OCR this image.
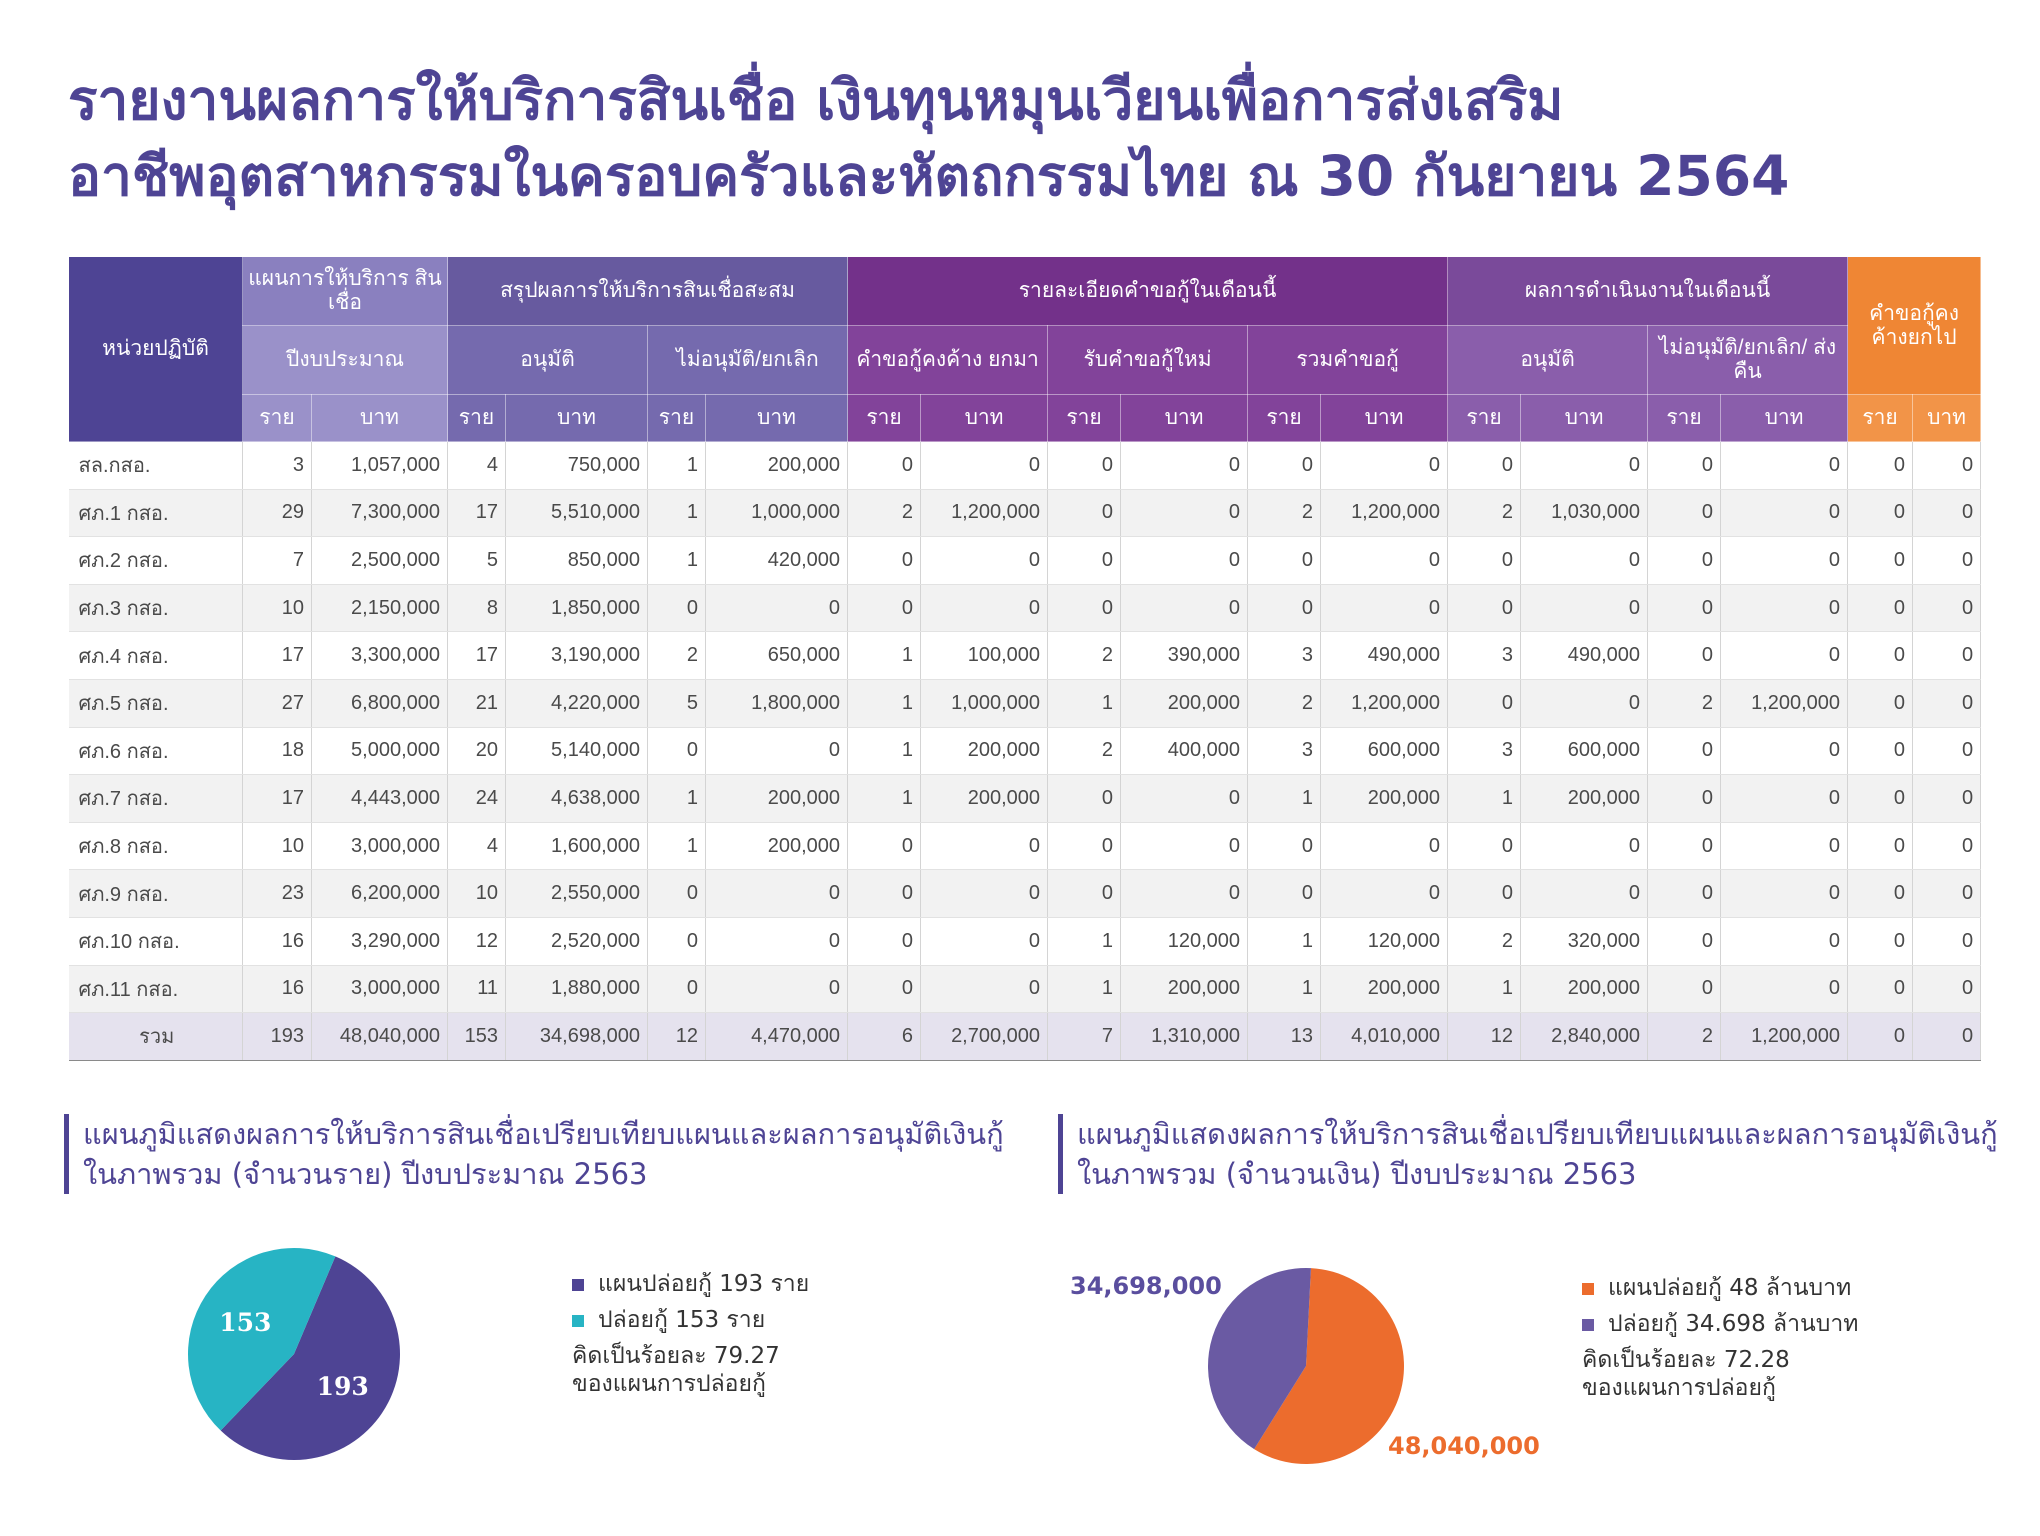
รายงานผลการให้บริการสินเชื่อ เงินทุนหมุนเวียนเพื่อการส่งเสริม
อาชีพอุตสาหกรรมในครอบครัวและหัตถกรรมไทย ณ 30 กันยายน 2564
หน่วยปฏิบัติ	แผนการให้บริการ สินเชื่อ		สรุปผลการให้บริการสินเชื่อสะสม				รายละเอียดคำขอกู้ในเดือนนี้						ผลการดำเนินงานในเดือนนี้				คำขอกู้คง ค้างยกไป	
	ปีงบประมาณ		อนุมัติ		ไม่อนุมัติ/ยกเลิก		คำขอกู้คงค้าง ยกมา		รับคำขอกู้ใหม่		รวมคำขอกู้		อนุมัติ		ไม่อนุมัติ/ยกเลิก/ ส่งคืน			
	ราย	บาท	ราย	บาท	ราย	บาท	ราย	บาท	ราย	บาท	ราย	บาท	ราย	บาท	ราย	บาท	ราย	บาท
สล.กสอ.	3	1,057,000	4	750,000	1	200,000	0	0	0	0	0	0	0	0	0	0	0	0
ศภ.1 กสอ.	29	7,300,000	17	5,510,000	1	1,000,000	2	1,200,000	0	0	2	1,200,000	2	1,030,000	0	0	0	0
ศภ.2 กสอ.	7	2,500,000	5	850,000	1	420,000	0	0	0	0	0	0	0	0	0	0	0	0
ศภ.3 กสอ.	10	2,150,000	8	1,850,000	0	0	0	0	0	0	0	0	0	0	0	0	0	0
ศภ.4 กสอ.	17	3,300,000	17	3,190,000	2	650,000	1	100,000	2	390,000	3	490,000	3	490,000	0	0	0	0
ศภ.5 กสอ.	27	6,800,000	21	4,220,000	5	1,800,000	1	1,000,000	1	200,000	2	1,200,000	0	0	2	1,200,000	0	0
ศภ.6 กสอ.	18	5,000,000	20	5,140,000	0	0	1	200,000	2	400,000	3	600,000	3	600,000	0	0	0	0
ศภ.7 กสอ.	17	4,443,000	24	4,638,000	1	200,000	1	200,000	0	0	1	200,000	1	200,000	0	0	0	0
ศภ.8 กสอ.	10	3,000,000	4	1,600,000	1	200,000	0	0	0	0	0	0	0	0	0	0	0	0
ศภ.9 กสอ.	23	6,200,000	10	2,550,000	0	0	0	0	0	0	0	0	0	0	0	0	0	0
ศภ.10 กสอ.	16	3,290,000	12	2,520,000	0	0	0	0	1	120,000	1	120,000	2	320,000	0	0	0	0
ศภ.11 กสอ.	16	3,000,000	11	1,880,000	0	0	0	0	1	200,000	1	200,000	1	200,000	0	0	0	0
รวม	193	48,040,000	153	34,698,000	12	4,470,000	6	2,700,000	7	1,310,000	13	4,010,000	12	2,840,000	2	1,200,000	0	0
แผนภูมิแสดงผลการให้บริการสินเชื่อเปรียบเทียบแผนและผลการอนุมัติเงินกู้
ในภาพรวม (จำนวนราย) ปีงบประมาณ 2563
193
153
แผนปล่อยกู้ 193 ราย
ปล่อยกู้ 153 ราย
คิดเป็นร้อยละ 79.27
ของแผนการปล่อยกู้
แผนภูมิแสดงผลการให้บริการสินเชื่อเปรียบเทียบแผนและผลการอนุมัติเงินกู้
ในภาพรวม (จำนวนเงิน) ปีงบประมาณ 2563
34,698,000
48,040,000
แผนปล่อยกู้ 48 ล้านบาท
ปล่อยกู้ 34.698 ล้านบาท
คิดเป็นร้อยละ 72.28
ของแผนการปล่อยกู้
